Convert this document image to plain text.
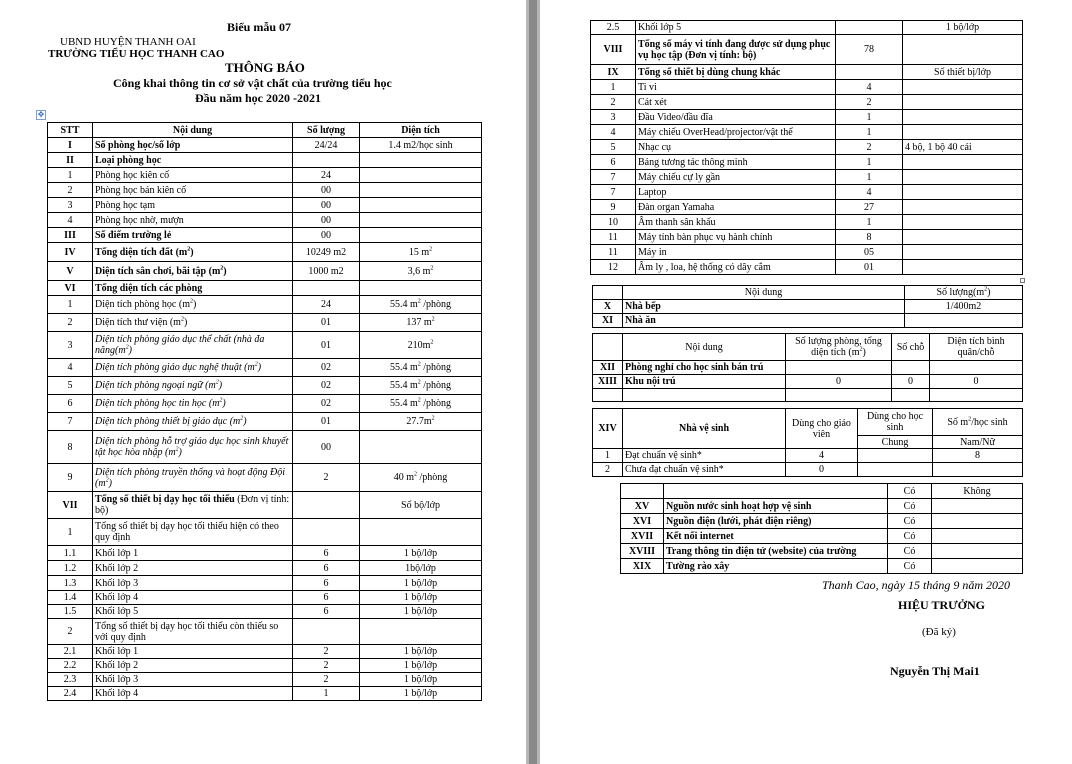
Biểu mẫu 07
UBND HUYỆN THANH OAI
TRƯỜNG TIỂU HỌC THANH CAO
THÔNG BÁO
Công khai thông tin cơ sở vật chất của trường tiểu học
Đầu năm học 2020 -2021
✥
STT	Nội dung	Số lượng	Diện tích
I	Số phòng học/số lớp	24/24	1.4 m2/học sinh
II	Loại phòng học		
1	Phòng học kiên cố	24	
2	Phòng học bán kiên cố	00	
3	Phòng học tạm	00	
4	Phòng học nhờ, mượn	00	
III	Số điểm trường lẻ	00	
IV	Tổng diện tích đất $(m^2)$	10249 m2	15 $m^2$
V	Diện tích sân chơi, bãi tập $(m^2)$	1000 m2	3,6 $m^2$
VI	Tổng diện tích các phòng		
1	Diện tích phòng học $(m^2)$	24	55.4 $m^2$ /phòng
2	Diện tích thư viện $(m^2)$	01	137 $m^2$
3	Diện tích phòng giáo dục thể chất (nhà đa $năng(m^2)$	01	$210m^2$
4	Diện tích phòng giáo dục nghệ thuật $(m^2)$	02	55.4 $m^2$ /phòng
5	Diện tích phòng ngoại ngữ $(m^2)$	02	55.4 $m^2$ /phòng
6	Diện tích phòng học tin học $(m^2)$	02	55.4 $m^2$ /phòng
7	Diện tích phòng thiết bị giáo dục $(m^2)$	01	$27.7m^2$
8	Diện tích phòng hỗ trợ giáo dục học sinh khuyết tật học hòa nhập $(m^2)$	00	
9	Diện tích phòng truyền thống và hoạt động Đội $(m^2)$	2	40 $m^2$ /phòng
VII	Tổng số thiết bị dạy học tối thiểu (Đơn vị tính: bộ)		Số bộ/lớp
1	Tổng số thiết bị dạy học tối thiểu hiện có theo quy định		
1.1	Khối lớp 1	6	1 bộ/lớp
1.2	Khối lớp 2	6	1bộ/lớp
1.3	Khối lớp 3	6	1 bộ/lớp
1.4	Khối lớp 4	6	1 bộ/lớp
1.5	Khối lớp 5	6	1 bộ/lớp
2	Tổng số thiết bị dạy học tối thiểu còn thiếu so với quy định		
2.1	Khối lớp 1	2	1 bộ/lớp
2.2	Khối lớp 2	2	1 bộ/lớp
2.3	Khối lớp 3	2	1 bộ/lớp
2.4	Khối lớp 4	1	1 bộ/lớp
2.5	Khối lớp 5		1 bộ/lớp
VIII	Tổng số máy vi tính đang được sử dụng phục vụ học tập (Đơn vị tính: bộ)	78	
IX	Tổng số thiết bị dùng chung khác		Số thiết bị/lớp
1	Ti vi	4	
2	Cát xét	2	
3	Đầu Video/đầu đĩa	1	
4	Máy chiếu OverHead/projector/vật thể	1	
5	Nhạc cụ	2	4 bộ, 1 bộ 40 cái
6	Bảng tương tác thông minh	1	
7	Máy chiếu cự ly gần	1	
7	Laptop	4	
9	Đàn organ Yamaha	27	
10	Âm thanh sân khấu	1	
11	Máy tính bàn phục vụ hành chính	8	
11	Máy in	05	
12	Âm ly , loa, hệ thống có dây cắm	01	
	Nội dung	Số $lượng(m^2)$
X	Nhà bếp	1/400m2
XI	Nhà ăn	
	Nội dung	Số lượng phòng, tổng diện tích $(m^2)$	Số chỗ	Diện tích bình quân/chỗ
XII	Phòng nghỉ cho học sinh bán trú			
XIII	Khu nội trú	0	0	0

XIV	Nhà vệ sinh	Dùng cho giáo viên	Dùng cho học sinh	Số $m^2$/học sinh
			Chung	Nam/Nữ
1	Đạt chuẩn vệ sinh*	4		8
2	Chưa đạt chuẩn vệ sinh*	0		
		Có	Không
XV	Nguồn nước sinh hoạt hợp vệ sinh	Có	
XVI	Nguồn điện (lưới, phát điện riêng)	Có	
XVII	Kết nối internet	Có	
XVIII	Trang thông tin điện tử (website) của trường	Có	
XIX	Tường rào xây	Có	
Thanh Cao, ngày 15 tháng 9 năm 2020
HIỆU TRƯỞNG
(Đã ký)
Nguyễn Thị Mai1
